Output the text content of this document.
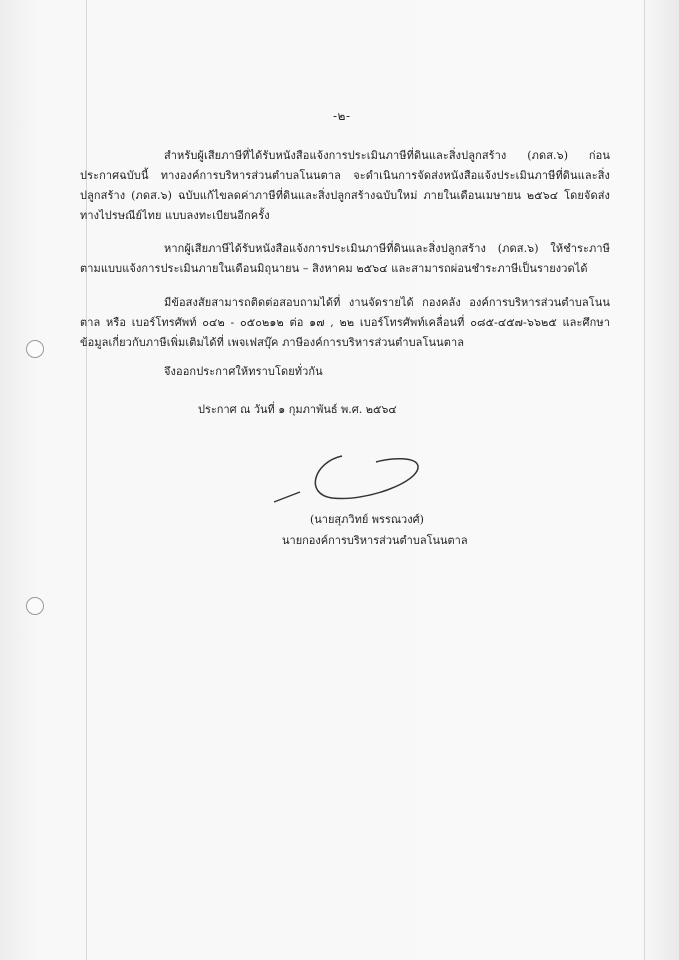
-๒-

สำหรับผู้เสียภาษีที่ได้รับหนังสือแจ้งการประเมินภาษีที่ดินและสิ่งปลูกสร้าง (ภดส.๖) ก่อนประกาศฉบับนี้ ทางองค์การบริหารส่วนตำบลโนนตาล จะดำเนินการจัดส่งหนังสือแจ้งประเมินภาษีที่ดินและสิ่งปลูกสร้าง (ภดส.๖) ฉบับแก้ไขลดค่าภาษีที่ดินและสิ่งปลูกสร้างฉบับใหม่ ภายในเดือนเมษายน ๒๕๖๔ โดยจัดส่งทางไปรษณีย์ไทย แบบลงทะเบียนอีกครั้ง

หากผู้เสียภาษีได้รับหนังสือแจ้งการประเมินภาษีที่ดินและสิ่งปลูกสร้าง (ภดส.๖) ให้ชำระภาษีตามแบบแจ้งการประเมินภายในเดือนมิถุนายน – สิงหาคม ๒๕๖๔ และสามารถผ่อนชำระภาษีเป็นรายงวดได้

มีข้อสงสัยสามารถติดต่อสอบถามได้ที่ งานจัดรายได้ กองคลัง องค์การบริหารส่วนตำบลโนนตาล หรือ เบอร์โทรศัพท์ ๐๔๒ - ๐๕๐๒๑๒ ต่อ ๑๗ , ๒๒ เบอร์โทรศัพท์เคลื่อนที่ ๐๘๕-๔๕๗-๖๖๒๕ และศึกษาข้อมูลเกี่ยวกับภาษีเพิ่มเติมได้ที่ เพจเฟสบุ๊ค ภาษีองค์การบริหารส่วนตำบลโนนตาล

จึงออกประกาศให้ทราบโดยทั่วกัน

ประกาศ ณ วันที่ ๑ กุมภาพันธ์ พ.ศ. ๒๕๖๔
(นายสุภวิทย์ พรรณวงศ์)
นายกองค์การบริหารส่วนตำบลโนนตาล
